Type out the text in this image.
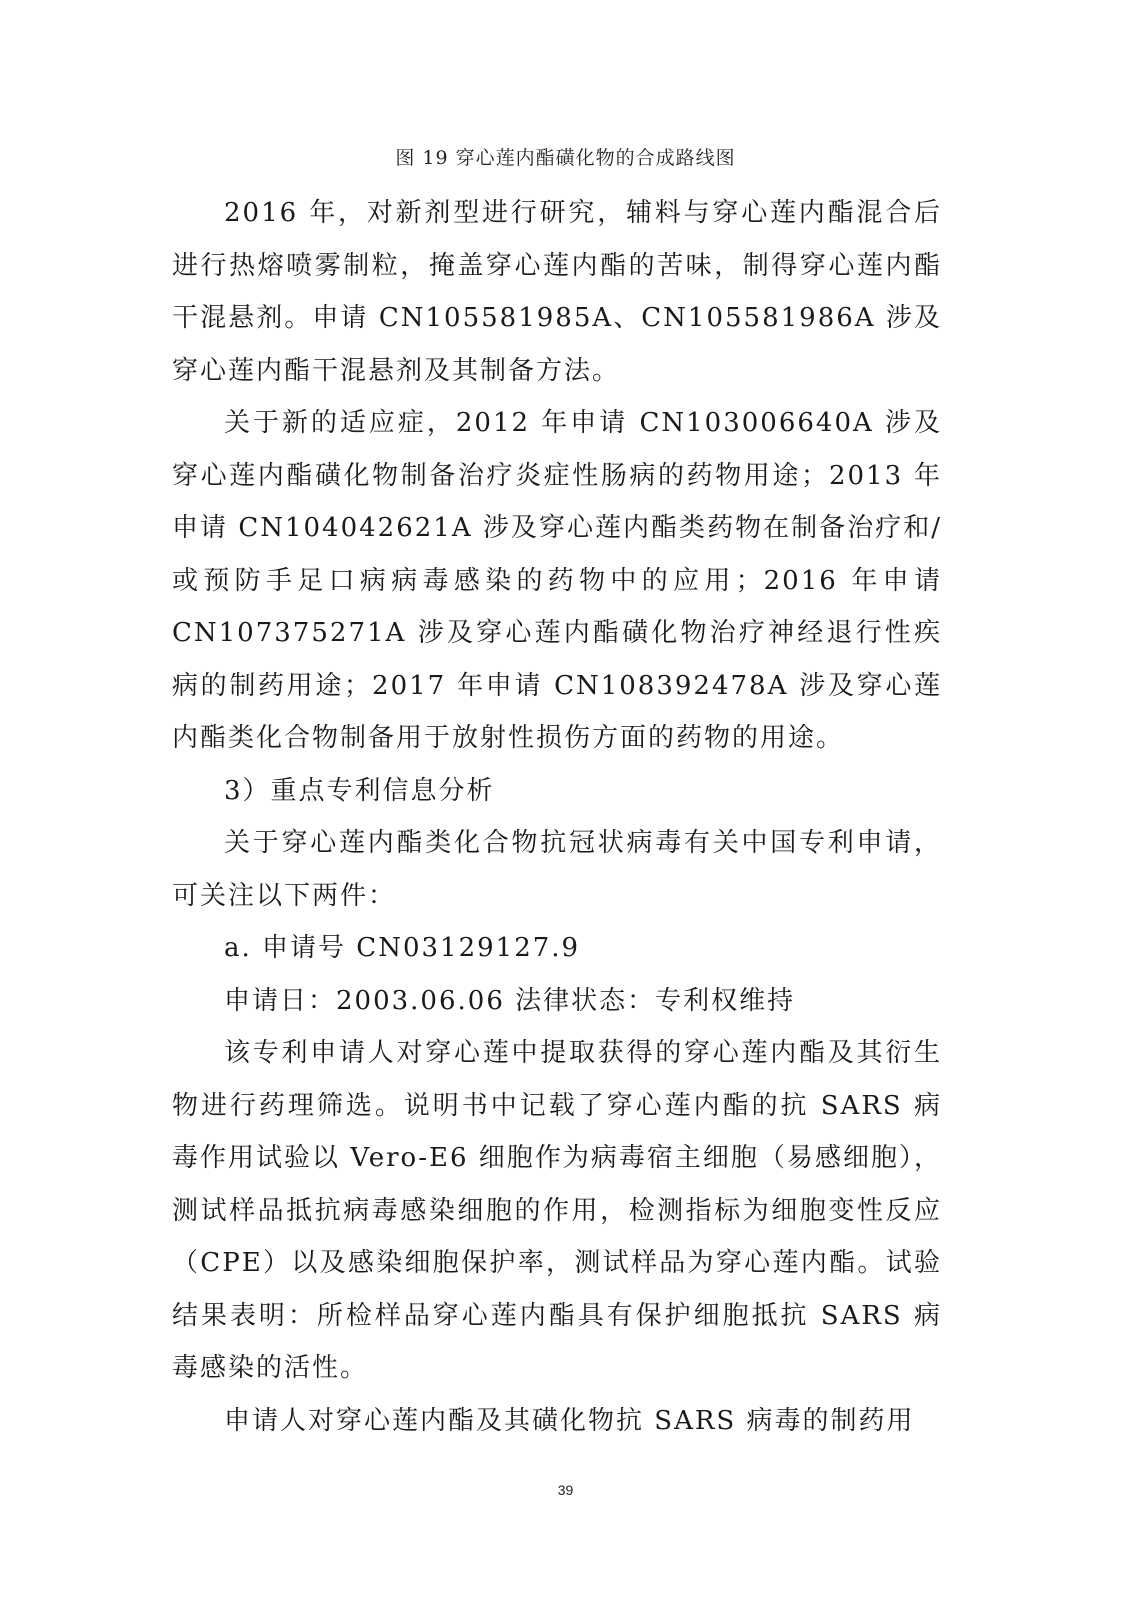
图 19 穿心莲内酯磺化物的合成路线图

2016 年，对新剂型进行研究，辅料与穿心莲内酯混合后进行热熔喷雾制粒，掩盖穿心莲内酯的苦味，制得穿心莲内酯干混悬剂。申请 CN105581985A、CN105581986A 涉及穿心莲内酯干混悬剂及其制备方法。

关于新的适应症，2012 年申请 CN103006640A 涉及穿心莲内酯磺化物制备治疗炎症性肠病的药物用途；2013 年申请 CN104042621A 涉及穿心莲内酯类药物在制备治疗和/或预防手足口病病毒感染的药物中的应用；2016 年申请 CN107375271A 涉及穿心莲内酯磺化物治疗神经退行性疾病的制药用途；2017 年申请 CN108392478A 涉及穿心莲内酯类化合物制备用于放射性损伤方面的药物的用途。

3）重点专利信息分析

关于穿心莲内酯类化合物抗冠状病毒有关中国专利申请，可关注以下两件：

a. 申请号 CN03129127.9

申请日：2003.06.06 法律状态：专利权维持

该专利申请人对穿心莲中提取获得的穿心莲内酯及其衍生物进行药理筛选。说明书中记载了穿心莲内酯的抗 SARS 病毒作用试验以 Vero-E6 细胞作为病毒宿主细胞（易感细胞），测试样品抵抗病毒感染细胞的作用，检测指标为细胞变性反应（CPE）以及感染细胞保护率，测试样品为穿心莲内酯。试验结果表明：所检样品穿心莲内酯具有保护细胞抵抗 SARS 病毒感染的活性。

申请人对穿心莲内酯及其磺化物抗 SARS 病毒的制药用

39
